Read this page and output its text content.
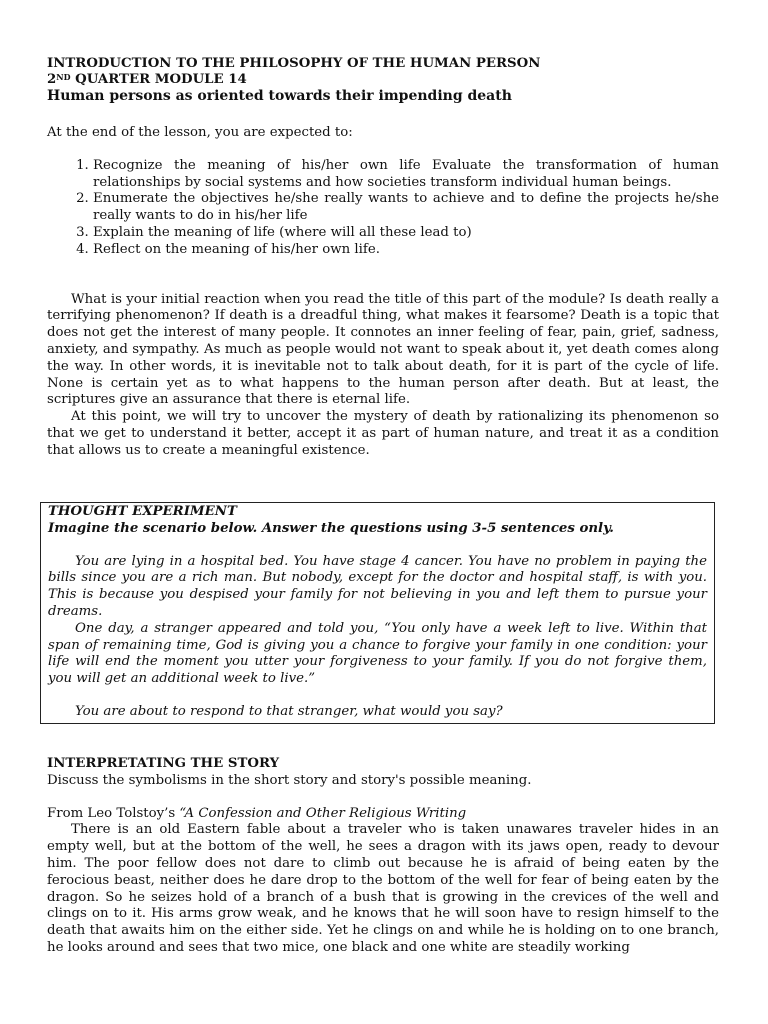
INTRODUCTION TO THE PHILOSOPHY OF THE HUMAN PERSON
2ND QUARTER MODULE 14
Human persons as oriented towards their impending death

At the end of the lesson, you are expected to:

1. Recognize the meaning of his/her own life Evaluate the transformation of human relationships by social systems and how societies transform individual human beings.
2. Enumerate the objectives he/she really wants to achieve and to define the projects he/she really wants to do in his/her life
3. Explain the meaning of life (where will all these lead to)
4. Reflect on the meaning of his/her own life.

What is your initial reaction when you read the title of this part of the module? Is death really a terrifying phenomenon? If death is a dreadful thing, what makes it fearsome? Death is a topic that does not get the interest of many people. It connotes an inner feeling of fear, pain, grief, sadness, anxiety, and sympathy. As much as people would not want to speak about it, yet death comes along the way. In other words, it is inevitable not to talk about death, for it is part of the cycle of life. None is certain yet as to what happens to the human person after death. But at least, the scriptures give an assurance that there is eternal life.

At this point, we will try to uncover the mystery of death by rationalizing its phenomenon so that we get to understand it better, accept it as part of human nature, and treat it as a condition that allows us to create a meaningful existence.

THOUGHT EXPERIMENT
Imagine the scenario below. Answer the questions using 3-5 sentences only.

You are lying in a hospital bed. You have stage 4 cancer. You have no problem in paying the bills since you are a rich man. But nobody, except for the doctor and hospital staff, is with you. This is because you despised your family for not believing in you and left them to pursue your dreams.

One day, a stranger appeared and told you, “You only have a week left to live. Within that span of remaining time, God is giving you a chance to forgive your family in one condition: your life will end the moment you utter your forgiveness to your family. If you do not forgive them, you will get an additional week to live.”

You are about to respond to that stranger, what would you say?

INTERPRETATING THE STORY

Discuss the symbolisms in the short story and story's possible meaning.

From Leo Tolstoy’s “A Confession and Other Religious Writing

There is an old Eastern fable about a traveler who is taken unawares traveler hides in an empty well, but at the bottom of the well, he sees a dragon with its jaws open, ready to devour him. The poor fellow does not dare to climb out because he is afraid of being eaten by the ferocious beast, neither does he dare drop to the bottom of the well for fear of being eaten by the dragon. So he seizes hold of a branch of a bush that is growing in the crevices of the well and clings on to it. His arms grow weak, and he knows that he will soon have to resign himself to the death that awaits him on the either side. Yet he clings on and while he is holding on to one branch, he looks around and sees that two mice, one black and one white are steadily working
